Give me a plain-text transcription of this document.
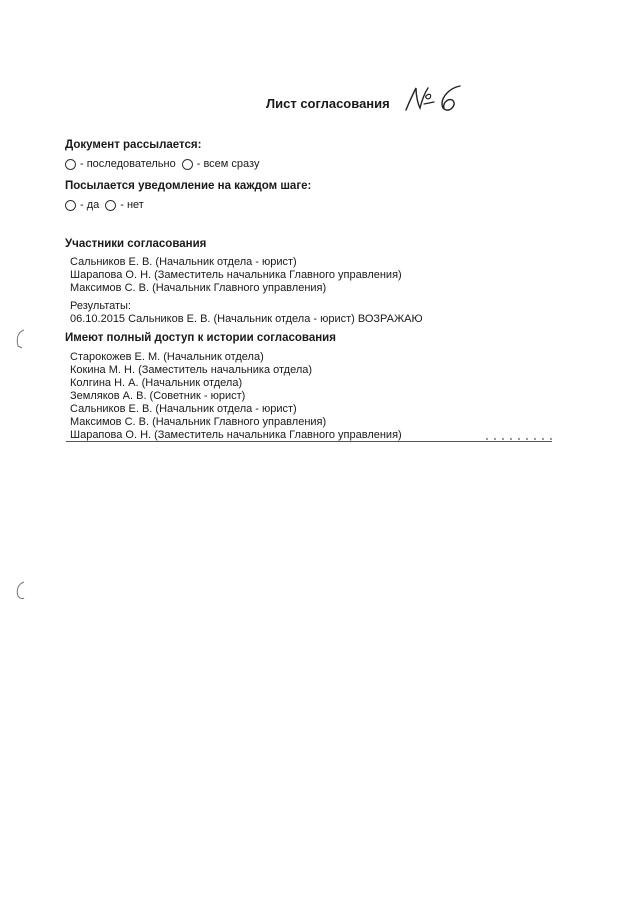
Лист согласования
Документ рассылается:
- последовательно - всем сразу
Посылается уведомление на каждом шаге:
- да - нет
Участники согласования
Сальников Е. В. (Начальник отдела - юрист)
Шарапова О. Н. (Заместитель начальника Главного управления)
Максимов С. В. (Начальник Главного управления)
Результаты:
06.10.2015 Сальников Е. В. (Начальник отдела - юрист) ВОЗРАЖАЮ
Имеют полный доступ к истории согласования
Старокожев Е. М. (Начальник отдела)
Кокина М. Н. (Заместитель начальника отдела)
Колгина Н. А. (Начальник отдела)
Земляков А. В. (Советник - юрист)
Сальников Е. В. (Начальник отдела - юрист)
Максимов С. В. (Начальник Главного управления)
Шарапова О. Н. (Заместитель начальника Главного управления)
